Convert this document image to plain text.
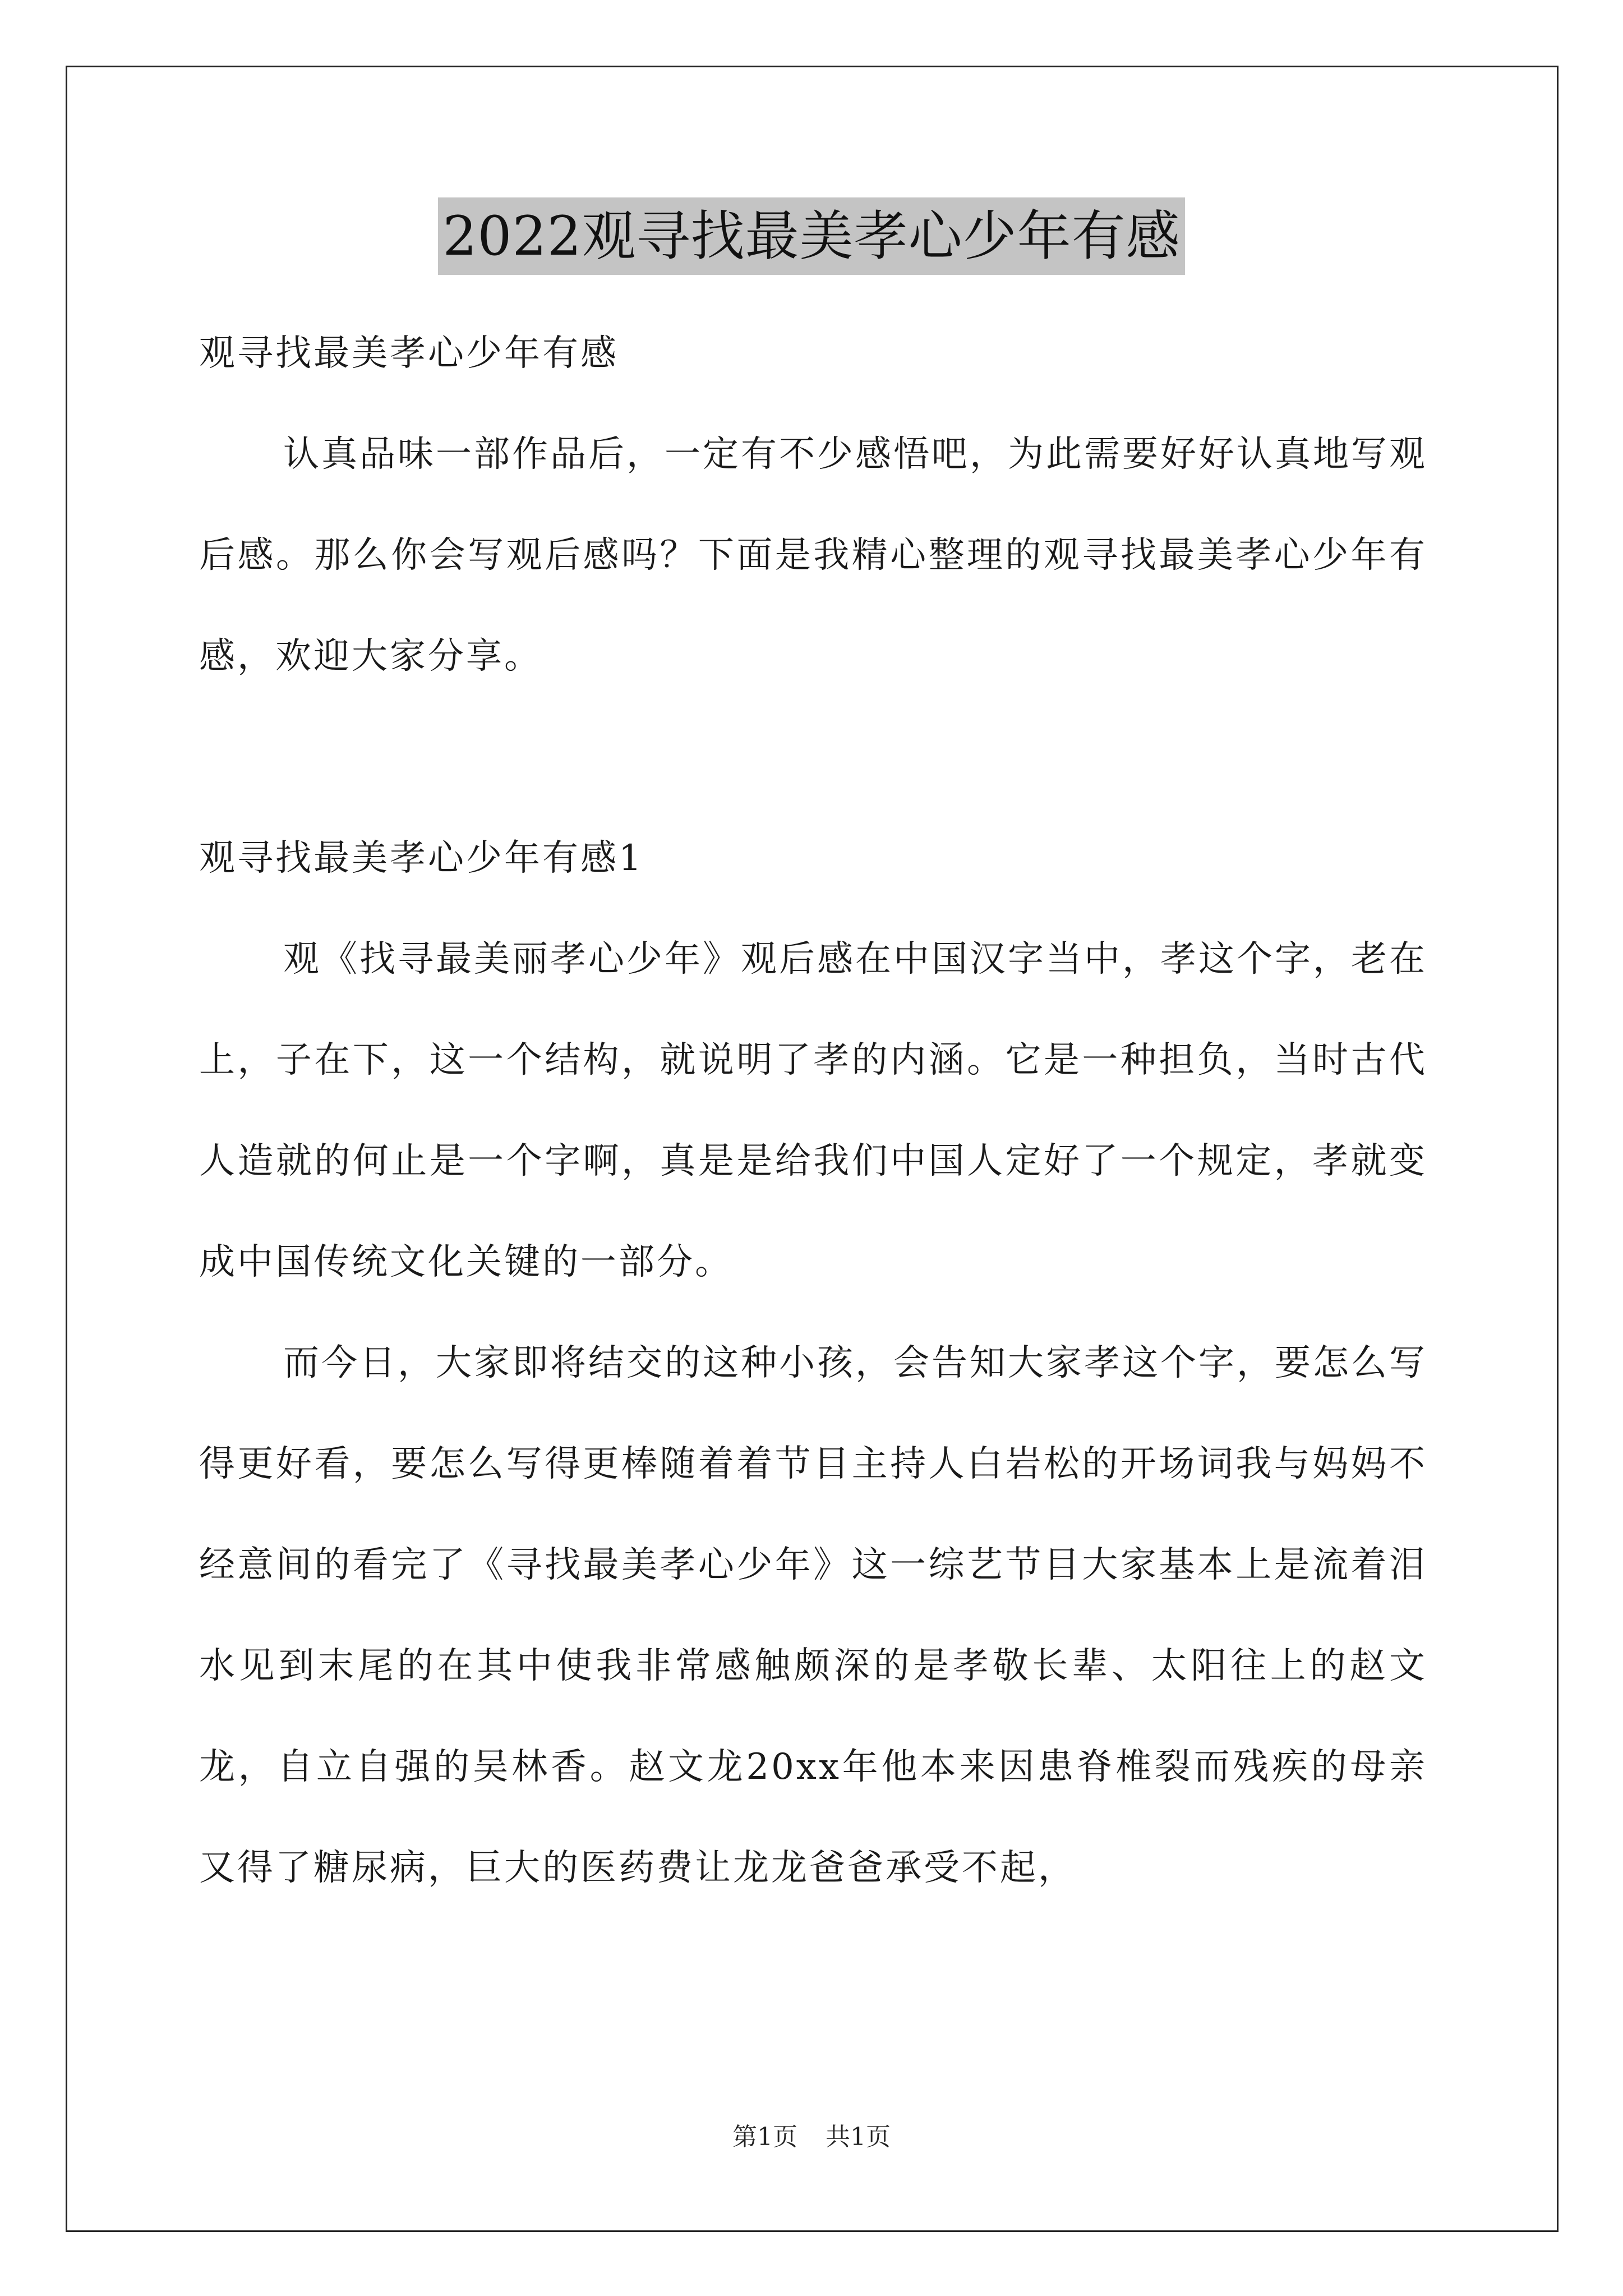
2022观寻找最美孝心少年有感

观寻找最美孝心少年有感

认真品味一部作品后，一定有不少感悟吧，为此需要好好认真地写观后感。那么你会写观后感吗？下面是我精心整理的观寻找最美孝心少年有感，欢迎大家分享。

观寻找最美孝心少年有感1

观《找寻最美丽孝心少年》观后感在中国汉字当中，孝这个字，老在上，子在下，这一个结构，就说明了孝的内涵。它是一种担负，当时古代人造就的何止是一个字啊，真是是给我们中国人定好了一个规定，孝就变成中国传统文化关键的一部分。

而今日，大家即将结交的这种小孩，会告知大家孝这个字，要怎么写得更好看，要怎么写得更棒随着着节目主持人白岩松的开场词我与妈妈不经意间的看完了《寻找最美孝心少年》这一综艺节目大家基本上是流着泪水见到末尾的在其中使我非常感触颇深的是孝敬长辈、太阳往上的赵文龙，自立自强的吴林香。赵文龙20xx年他本来因患脊椎裂而残疾的母亲又得了糖尿病，巨大的医药费让龙龙爸爸承受不起，

第1页 共1页
